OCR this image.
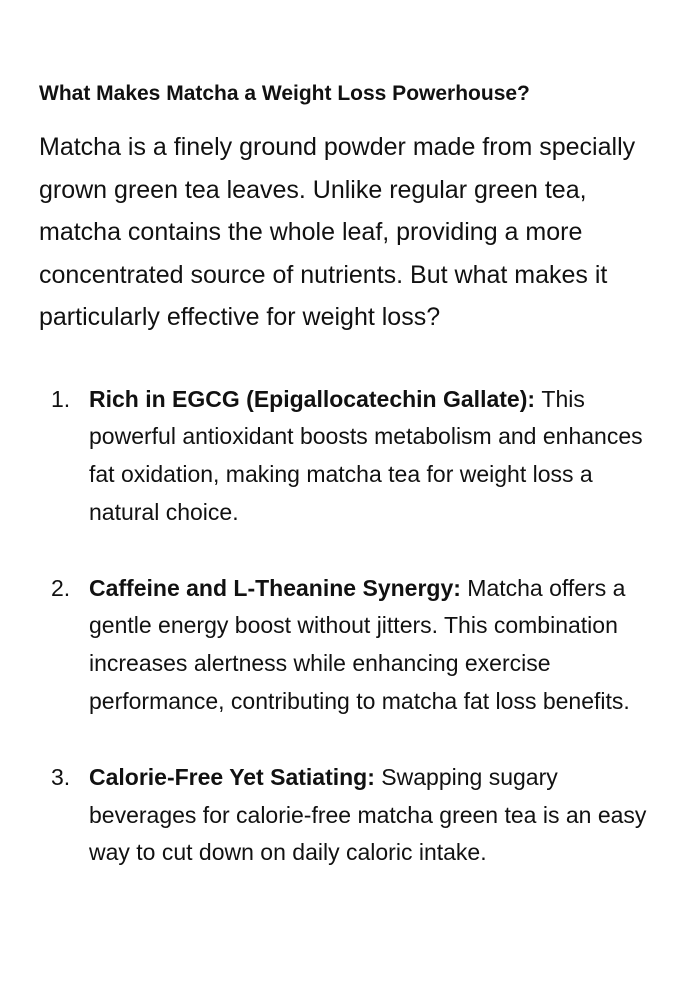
What Makes Matcha a Weight Loss Powerhouse?

Matcha is a finely ground powder made from specially grown green tea leaves. Unlike regular green tea, matcha contains the whole leaf, providing a more concentrated source of nutrients. But what makes it particularly effective for weight loss?

1. Rich in EGCG (Epigallocatechin Gallate): This powerful antioxidant boosts metabolism and enhances fat oxidation, making matcha tea for weight loss a natural choice.
2. Caffeine and L-Theanine Synergy: Matcha offers a gentle energy boost without jitters. This combination increases alertness while enhancing exercise performance, contributing to matcha fat loss benefits.
3. Calorie-Free Yet Satiating: Swapping sugary beverages for calorie-free matcha green tea is an easy way to cut down on daily caloric intake.
